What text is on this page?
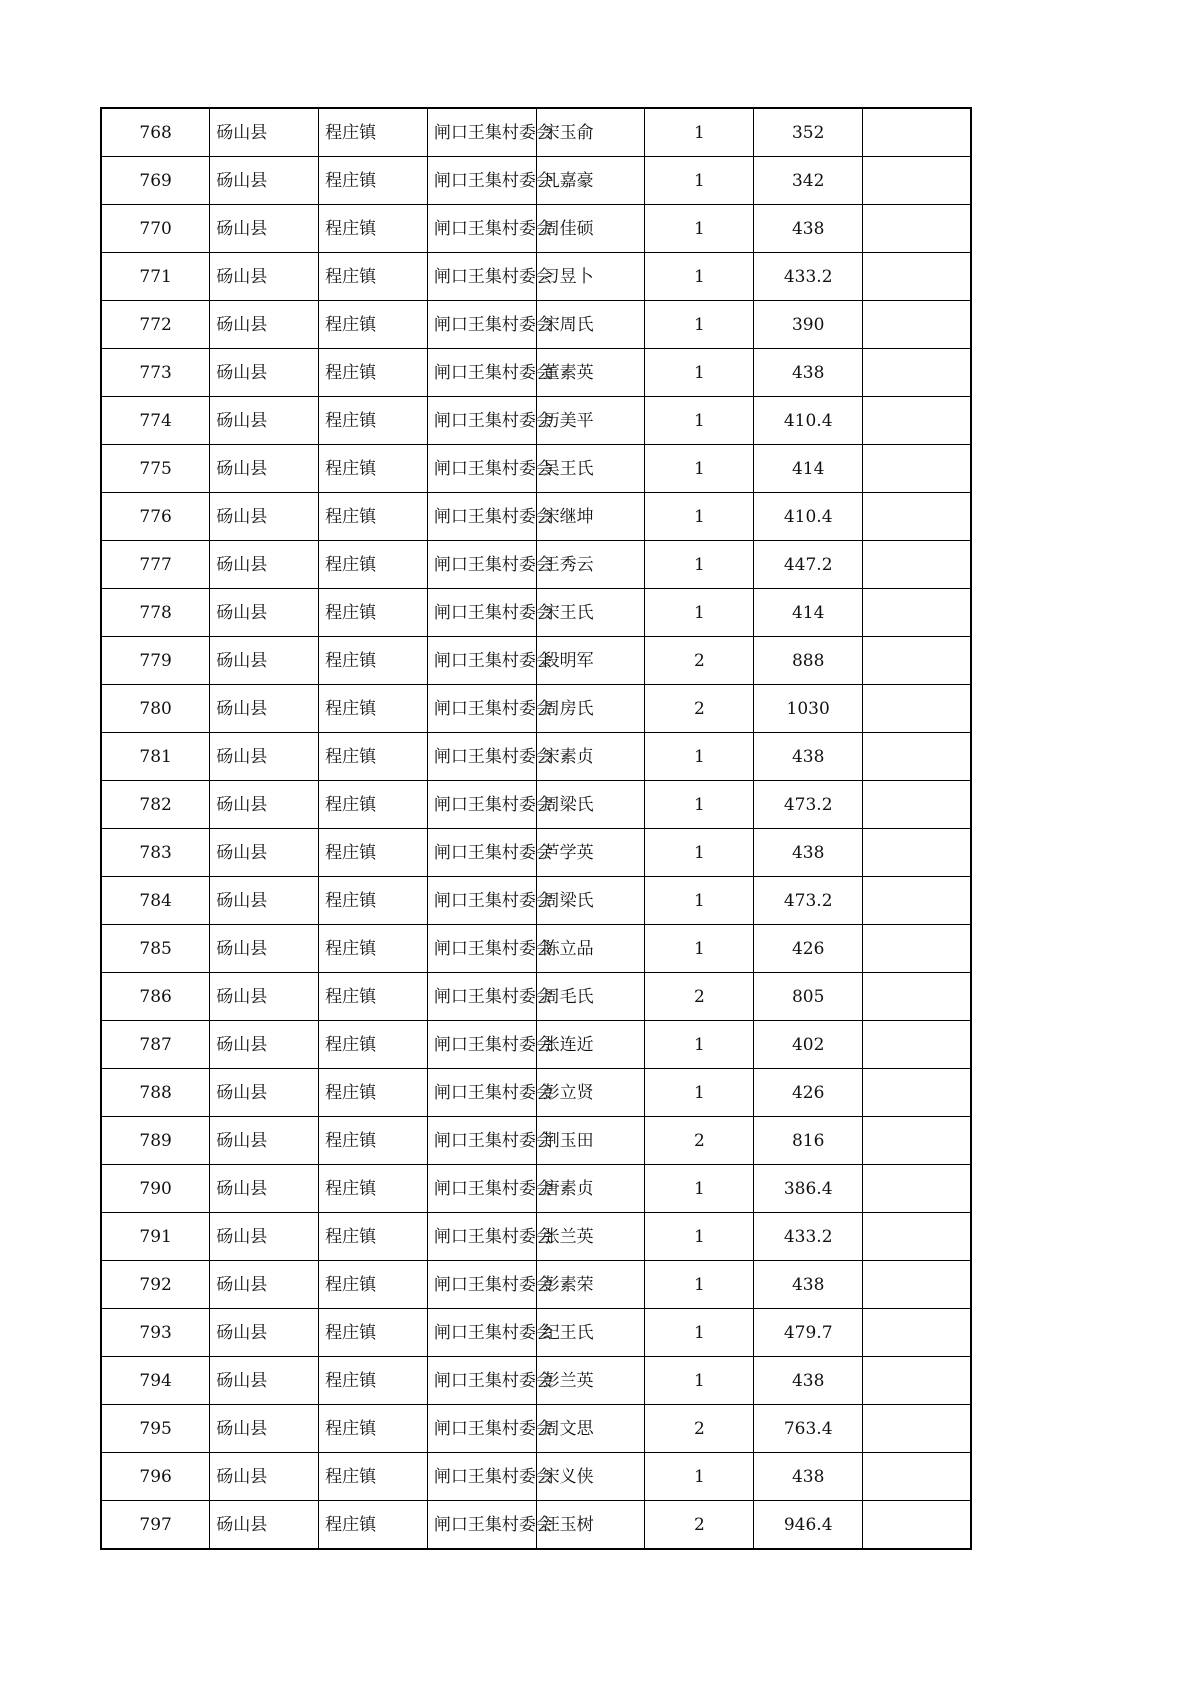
768	砀山县	程庄镇	闸口王集村委会	宋玉俞	1	352	
769	砀山县	程庄镇	闸口王集村委会	凡嘉豪	1	342	
770	砀山县	程庄镇	闸口王集村委会	周佳硕	1	438	
771	砀山县	程庄镇	闸口王集村委会	刁昱卜	1	433.2	
772	砀山县	程庄镇	闸口王集村委会	宋周氏	1	390	
773	砀山县	程庄镇	闸口王集村委会	董素英	1	438	
774	砀山县	程庄镇	闸口王集村委会	历美平	1	410.4	
775	砀山县	程庄镇	闸口王集村委会	吴王氏	1	414	
776	砀山县	程庄镇	闸口王集村委会	宋继坤	1	410.4	
777	砀山县	程庄镇	闸口王集村委会	王秀云	1	447.2	
778	砀山县	程庄镇	闸口王集村委会	宋王氏	1	414	
779	砀山县	程庄镇	闸口王集村委会	段明军	2	888	
780	砀山县	程庄镇	闸口王集村委会	周房氏	2	1030	
781	砀山县	程庄镇	闸口王集村委会	宋素贞	1	438	
782	砀山县	程庄镇	闸口王集村委会	周梁氏	1	473.2	
783	砀山县	程庄镇	闸口王集村委会	芦学英	1	438	
784	砀山县	程庄镇	闸口王集村委会	周梁氏	1	473.2	
785	砀山县	程庄镇	闸口王集村委会	陈立品	1	426	
786	砀山县	程庄镇	闸口王集村委会	周毛氏	2	805	
787	砀山县	程庄镇	闸口王集村委会	张连近	1	402	
788	砀山县	程庄镇	闸口王集村委会	彭立贤	1	426	
789	砀山县	程庄镇	闸口王集村委会	荆玉田	2	816	
790	砀山县	程庄镇	闸口王集村委会	唐素贞	1	386.4	
791	砀山县	程庄镇	闸口王集村委会	张兰英	1	433.2	
792	砀山县	程庄镇	闸口王集村委会	彭素荣	1	438	
793	砀山县	程庄镇	闸口王集村委会	纪王氏	1	479.7	
794	砀山县	程庄镇	闸口王集村委会	彭兰英	1	438	
795	砀山县	程庄镇	闸口王集村委会	周文思	2	763.4	
796	砀山县	程庄镇	闸口王集村委会	宋义侠	1	438	
797	砀山县	程庄镇	闸口王集村委会	汪玉树	2	946.4	
